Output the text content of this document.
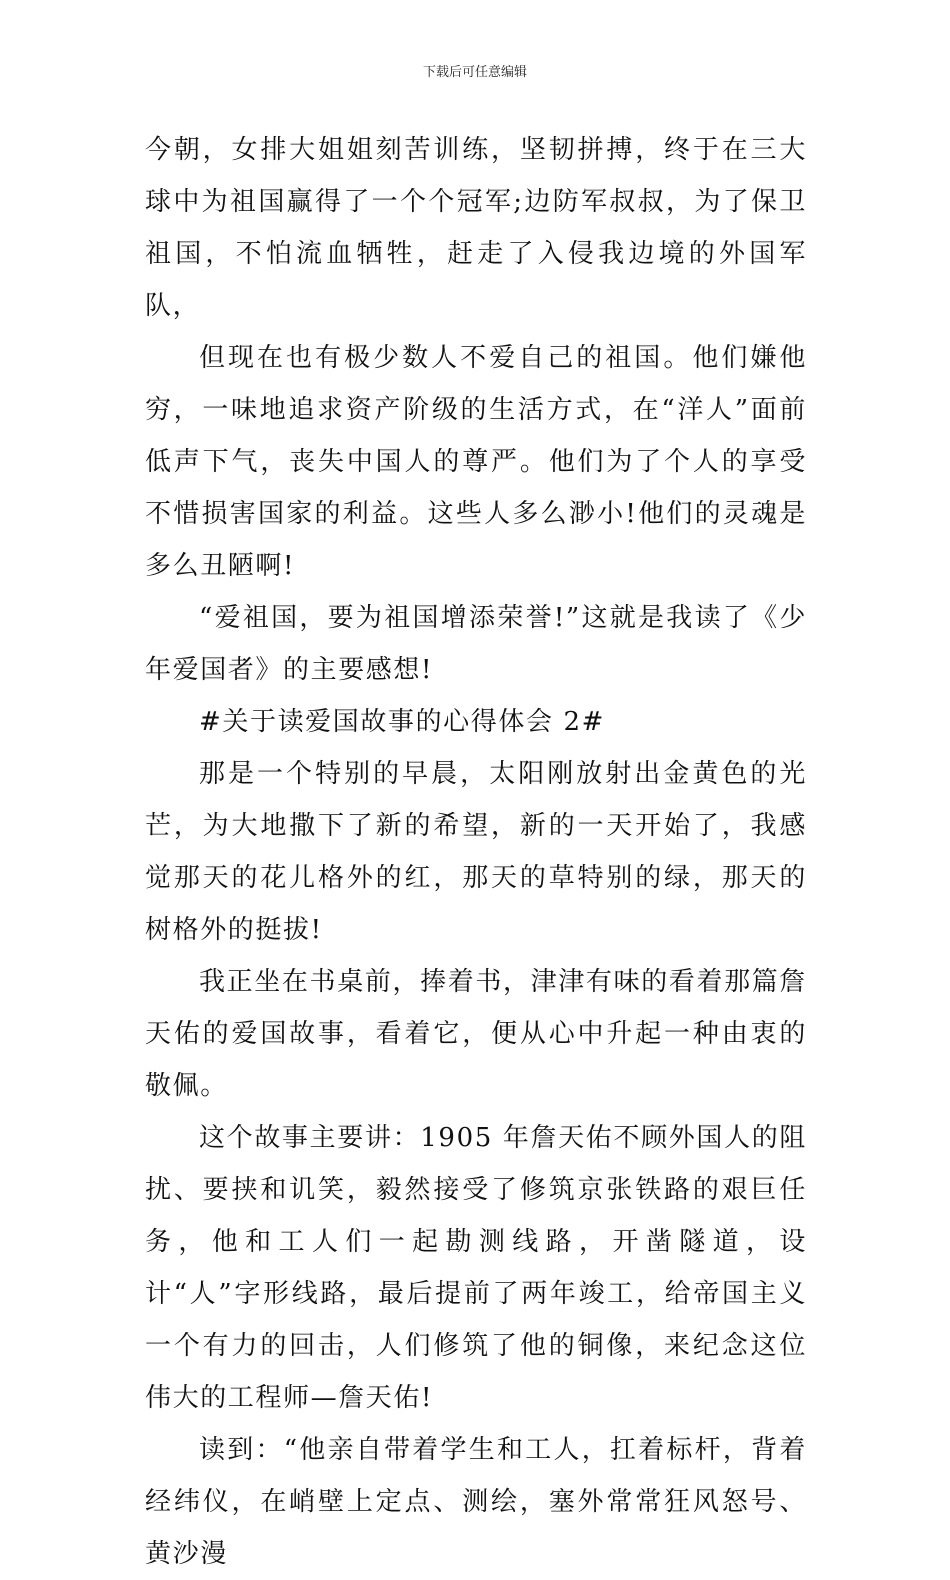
下载后可任意编辑

今朝，女排大姐姐刻苦训练，坚韧拼搏，终于在三大球中为祖国赢得了一个个冠军;边防军叔叔，为了保卫祖国，不怕流血牺牲，赶走了入侵我边境的外国军队，

但现在也有极少数人不爱自己的祖国。他们嫌他穷，一味地追求资产阶级的生活方式，在“洋人”面前低声下气，丧失中国人的尊严。他们为了个人的享受不惜损害国家的利益。这些人多么渺小!他们的灵魂是多么丑陋啊!

“爱祖国，要为祖国增添荣誉!”这就是我读了《少年爱国者》的主要感想!

#关于读爱国故事的心得体会 2#

那是一个特别的早晨，太阳刚放射出金黄色的光芒，为大地撒下了新的希望，新的一天开始了，我感觉那天的花儿格外的红，那天的草特别的绿，那天的树格外的挺拔!

我正坐在书桌前，捧着书，津津有味的看着那篇詹天佑的爱国故事，看着它，便从心中升起一种由衷的敬佩。

这个故事主要讲：1905 年詹天佑不顾外国人的阻扰、要挟和讥笑，毅然接受了修筑京张铁路的艰巨任务，他和工人们一起勘测线路，开凿隧道，设计“人”字形线路，最后提前了两年竣工，给帝国主义一个有力的回击，人们修筑了他的铜像，来纪念这位伟大的工程师—詹天佑!

读到：“他亲自带着学生和工人，扛着标杆，背着经纬仪，在峭壁上定点、测绘，塞外常常狂风怒号、黄沙漫
